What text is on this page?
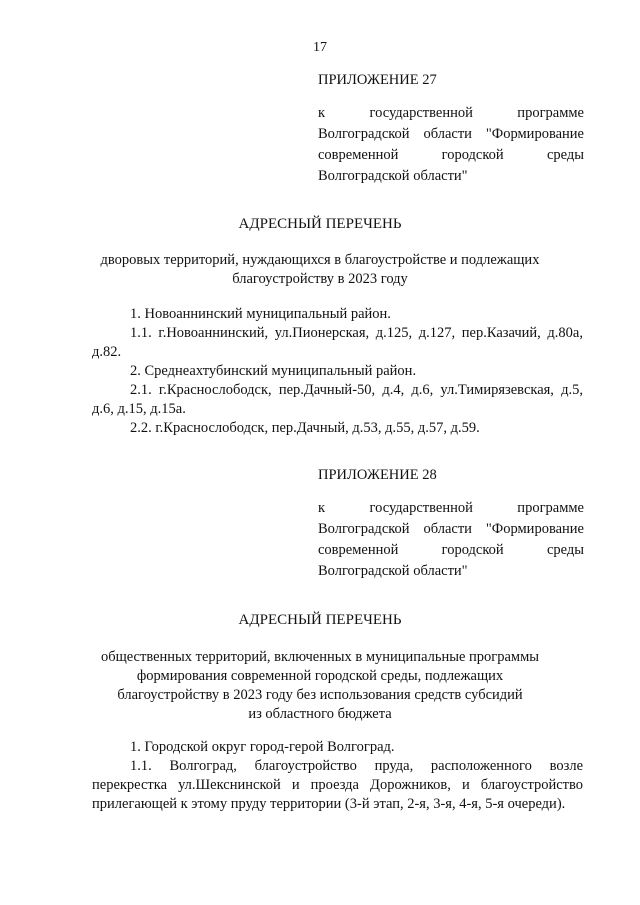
17
ПРИЛОЖЕНИЕ 27
к государственной программе
Волгоградской области "Формирование
современной городской среды
Волгоградской области"
АДРЕСНЫЙ ПЕРЕЧЕНЬ
дворовых территорий, нуждающихся в благоустройстве и подлежащих
благоустройству в 2023 году
1. Новоаннинский муниципальный район.
1.1. г.Новоаннинский, ул.Пионерская, д.125, д.127, пер.Казачий, д.80а, д.82.
2. Среднеахтубинский муниципальный район.
2.1. г.Краснослободск, пер.Дачный-50, д.4, д.6, ул.Тимирязевская, д.5, д.6, д.15, д.15а.
2.2. г.Краснослободск, пер.Дачный, д.53, д.55, д.57, д.59.
ПРИЛОЖЕНИЕ 28
к государственной программе
Волгоградской области "Формирование
современной городской среды
Волгоградской области"
АДРЕСНЫЙ ПЕРЕЧЕНЬ
общественных территорий, включенных в муниципальные программы
формирования современной городской среды, подлежащих
благоустройству в 2023 году без использования средств субсидий
из областного бюджета
1. Городской округ город-герой Волгоград.
1.1. Волгоград, благоустройство пруда, расположенного возле перекрестка ул.Шекснинской и проезда Дорожников, и благоустройство прилегающей к этому пруду территории (3-й этап, 2-я, 3-я, 4-я, 5-я очереди).
